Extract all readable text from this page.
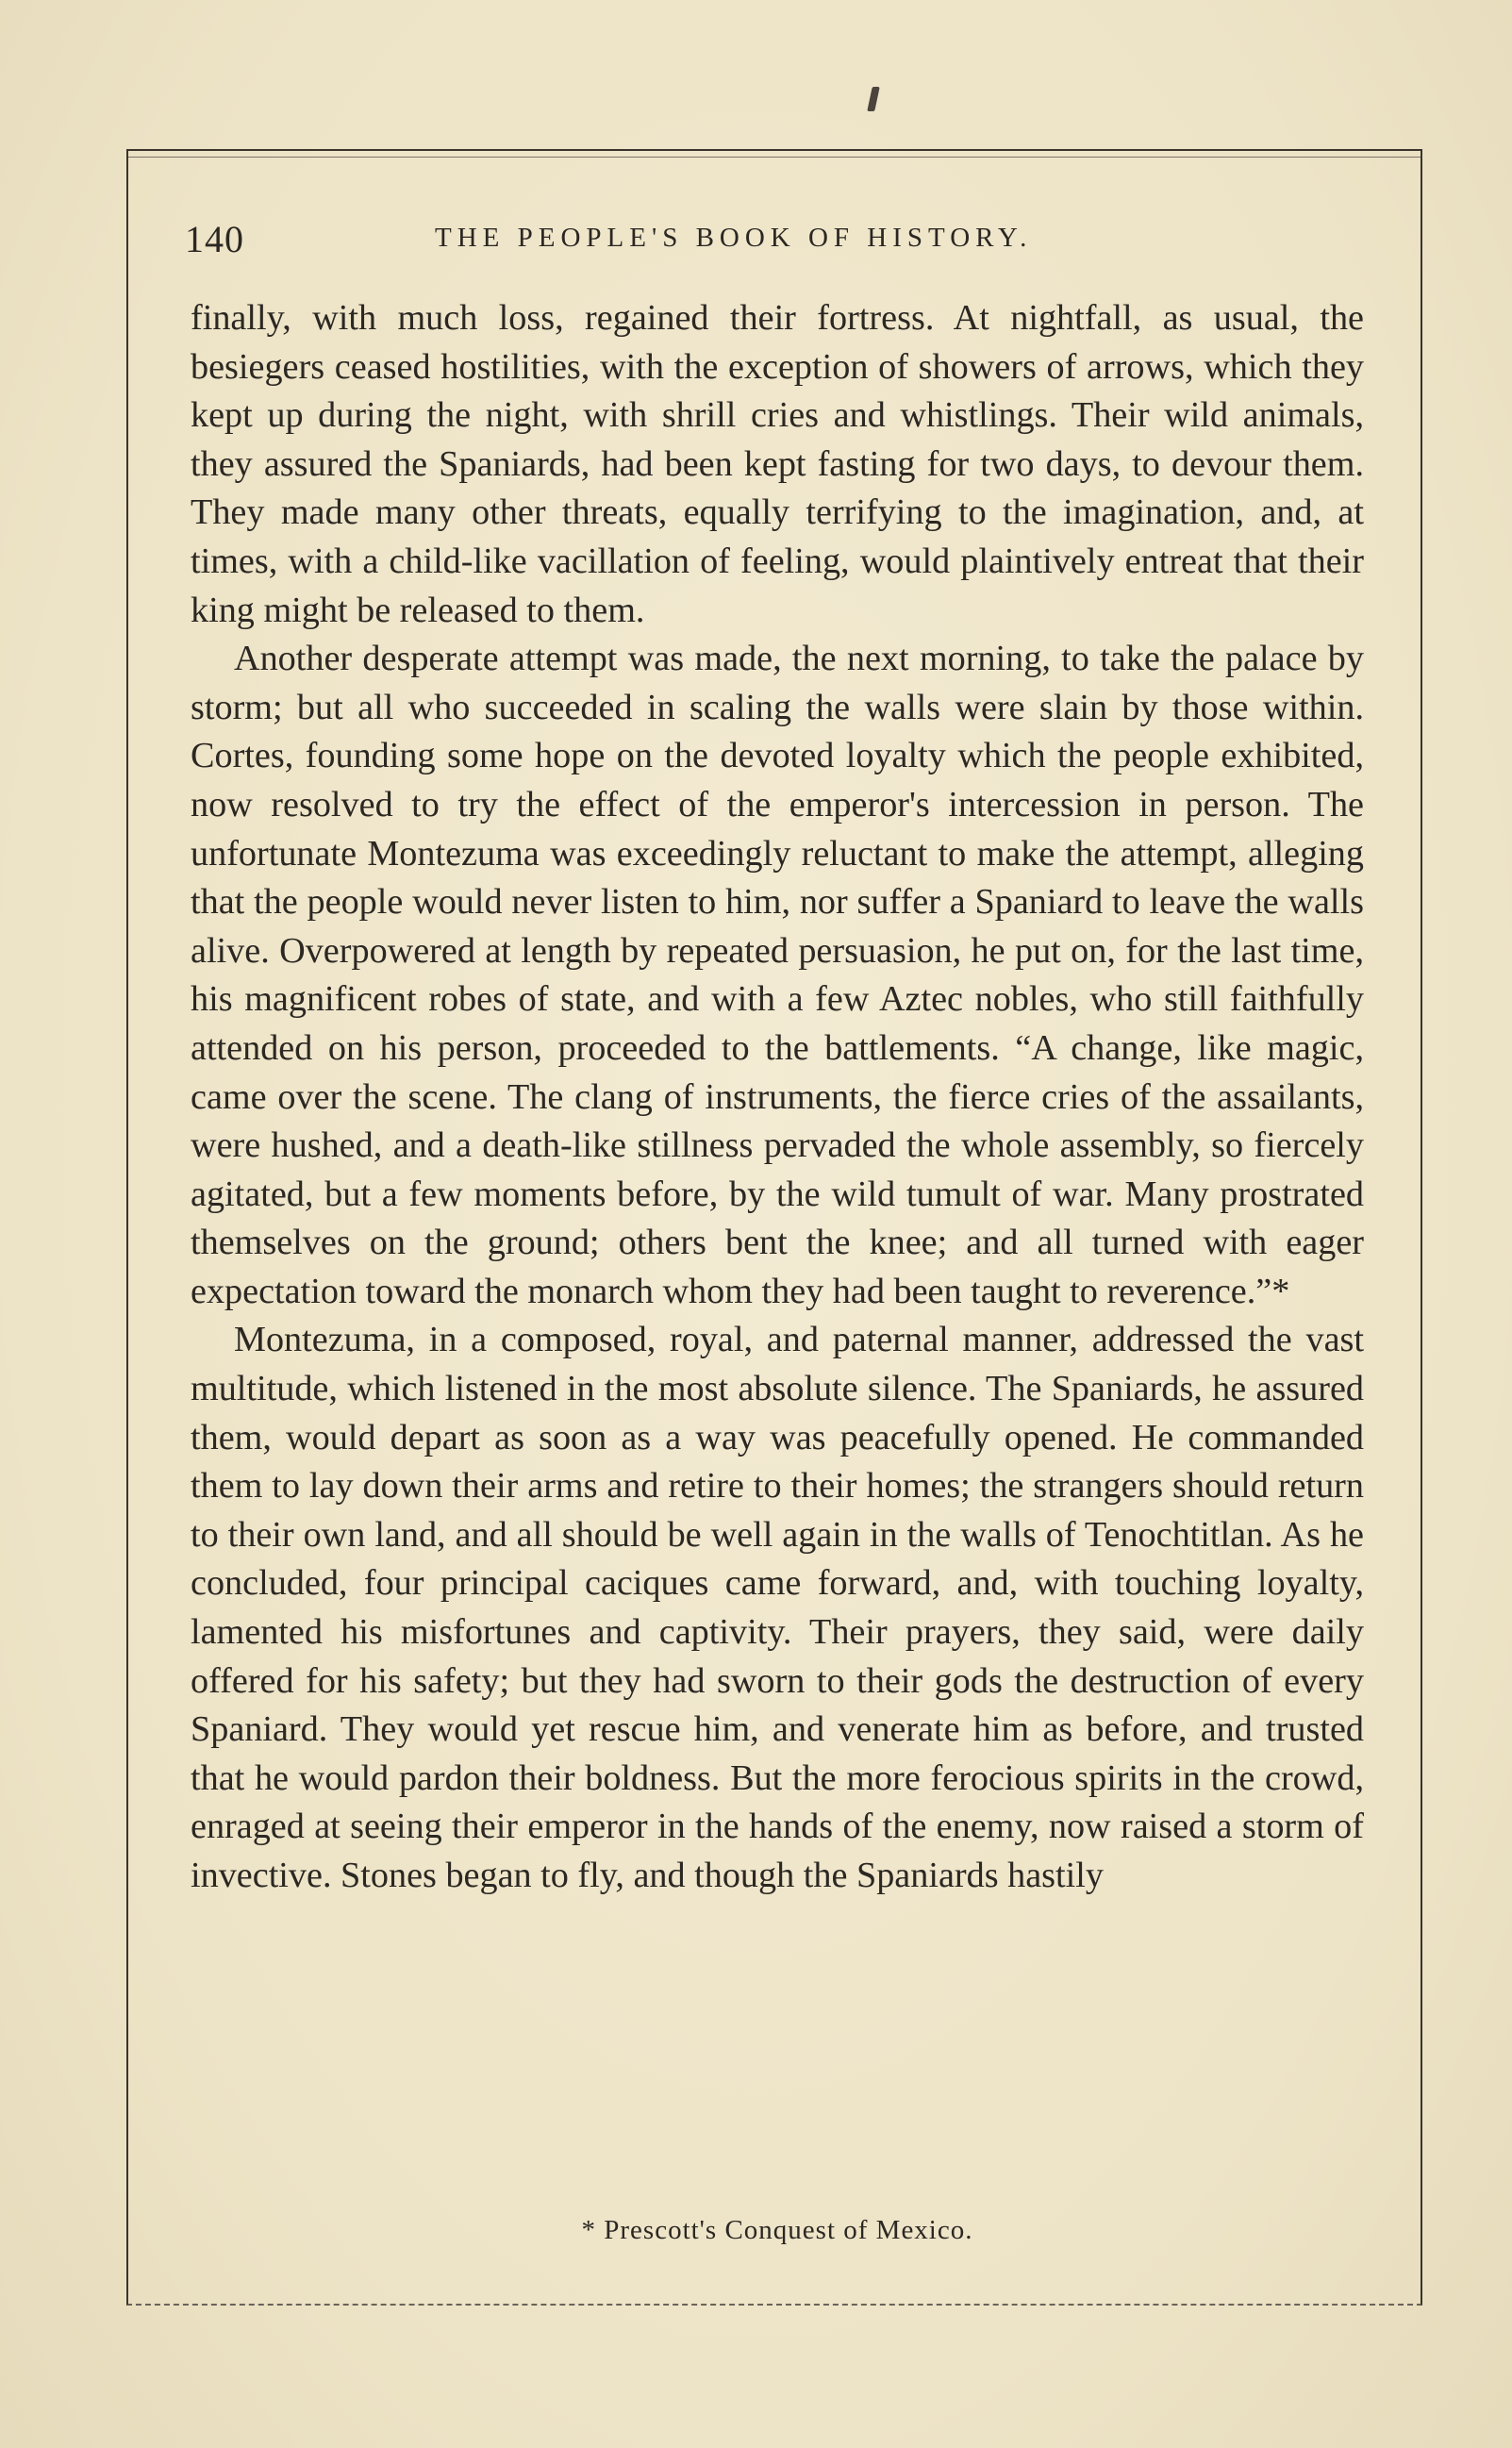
140	THE PEOPLE'S BOOK OF HISTORY.

finally, with much loss, regained their fortress. At nightfall, as usual, the besiegers ceased hostilities, with the exception of showers of arrows, which they kept up during the night, with shrill cries and whistlings. Their wild animals, they assured the Spaniards, had been kept fasting for two days, to devour them. They made many other threats, equally terrifying to the imagination, and, at times, with a child-like vacillation of feeling, would plaintively entreat that their king might be released to them.

Another desperate attempt was made, the next morning, to take the palace by storm; but all who succeeded in scaling the walls were slain by those within. Cortes, founding some hope on the devoted loyalty which the people exhibited, now resolved to try the effect of the emperor's intercession in person. The unfortunate Montezuma was exceedingly reluctant to make the attempt, alleging that the people would never listen to him, nor suffer a Spaniard to leave the walls alive. Overpowered at length by repeated persuasion, he put on, for the last time, his magnificent robes of state, and with a few Aztec nobles, who still faithfully attended on his person, proceeded to the battlements. “A change, like magic, came over the scene. The clang of instruments, the fierce cries of the assailants, were hushed, and a death-like stillness pervaded the whole assembly, so fiercely agitated, but a few moments before, by the wild tumult of war. Many prostrated themselves on the ground; others bent the knee; and all turned with eager expectation toward the monarch whom they had been taught to reverence.”*

Montezuma, in a composed, royal, and paternal manner, addressed the vast multitude, which listened in the most absolute silence. The Spaniards, he assured them, would depart as soon as a way was peacefully opened. He commanded them to lay down their arms and retire to their homes; the strangers should return to their own land, and all should be well again in the walls of Tenochtitlan. As he concluded, four principal caciques came forward, and, with touching loyalty, lamented his misfortunes and captivity. Their prayers, they said, were daily offered for his safety; but they had sworn to their gods the destruction of every Spaniard. They would yet rescue him, and venerate him as before, and trusted that he would pardon their boldness. But the more ferocious spirits in the crowd, enraged at seeing their emperor in the hands of the enemy, now raised a storm of invective. Stones began to fly, and though the Spaniards hastily

* Prescott's Conquest of Mexico.
